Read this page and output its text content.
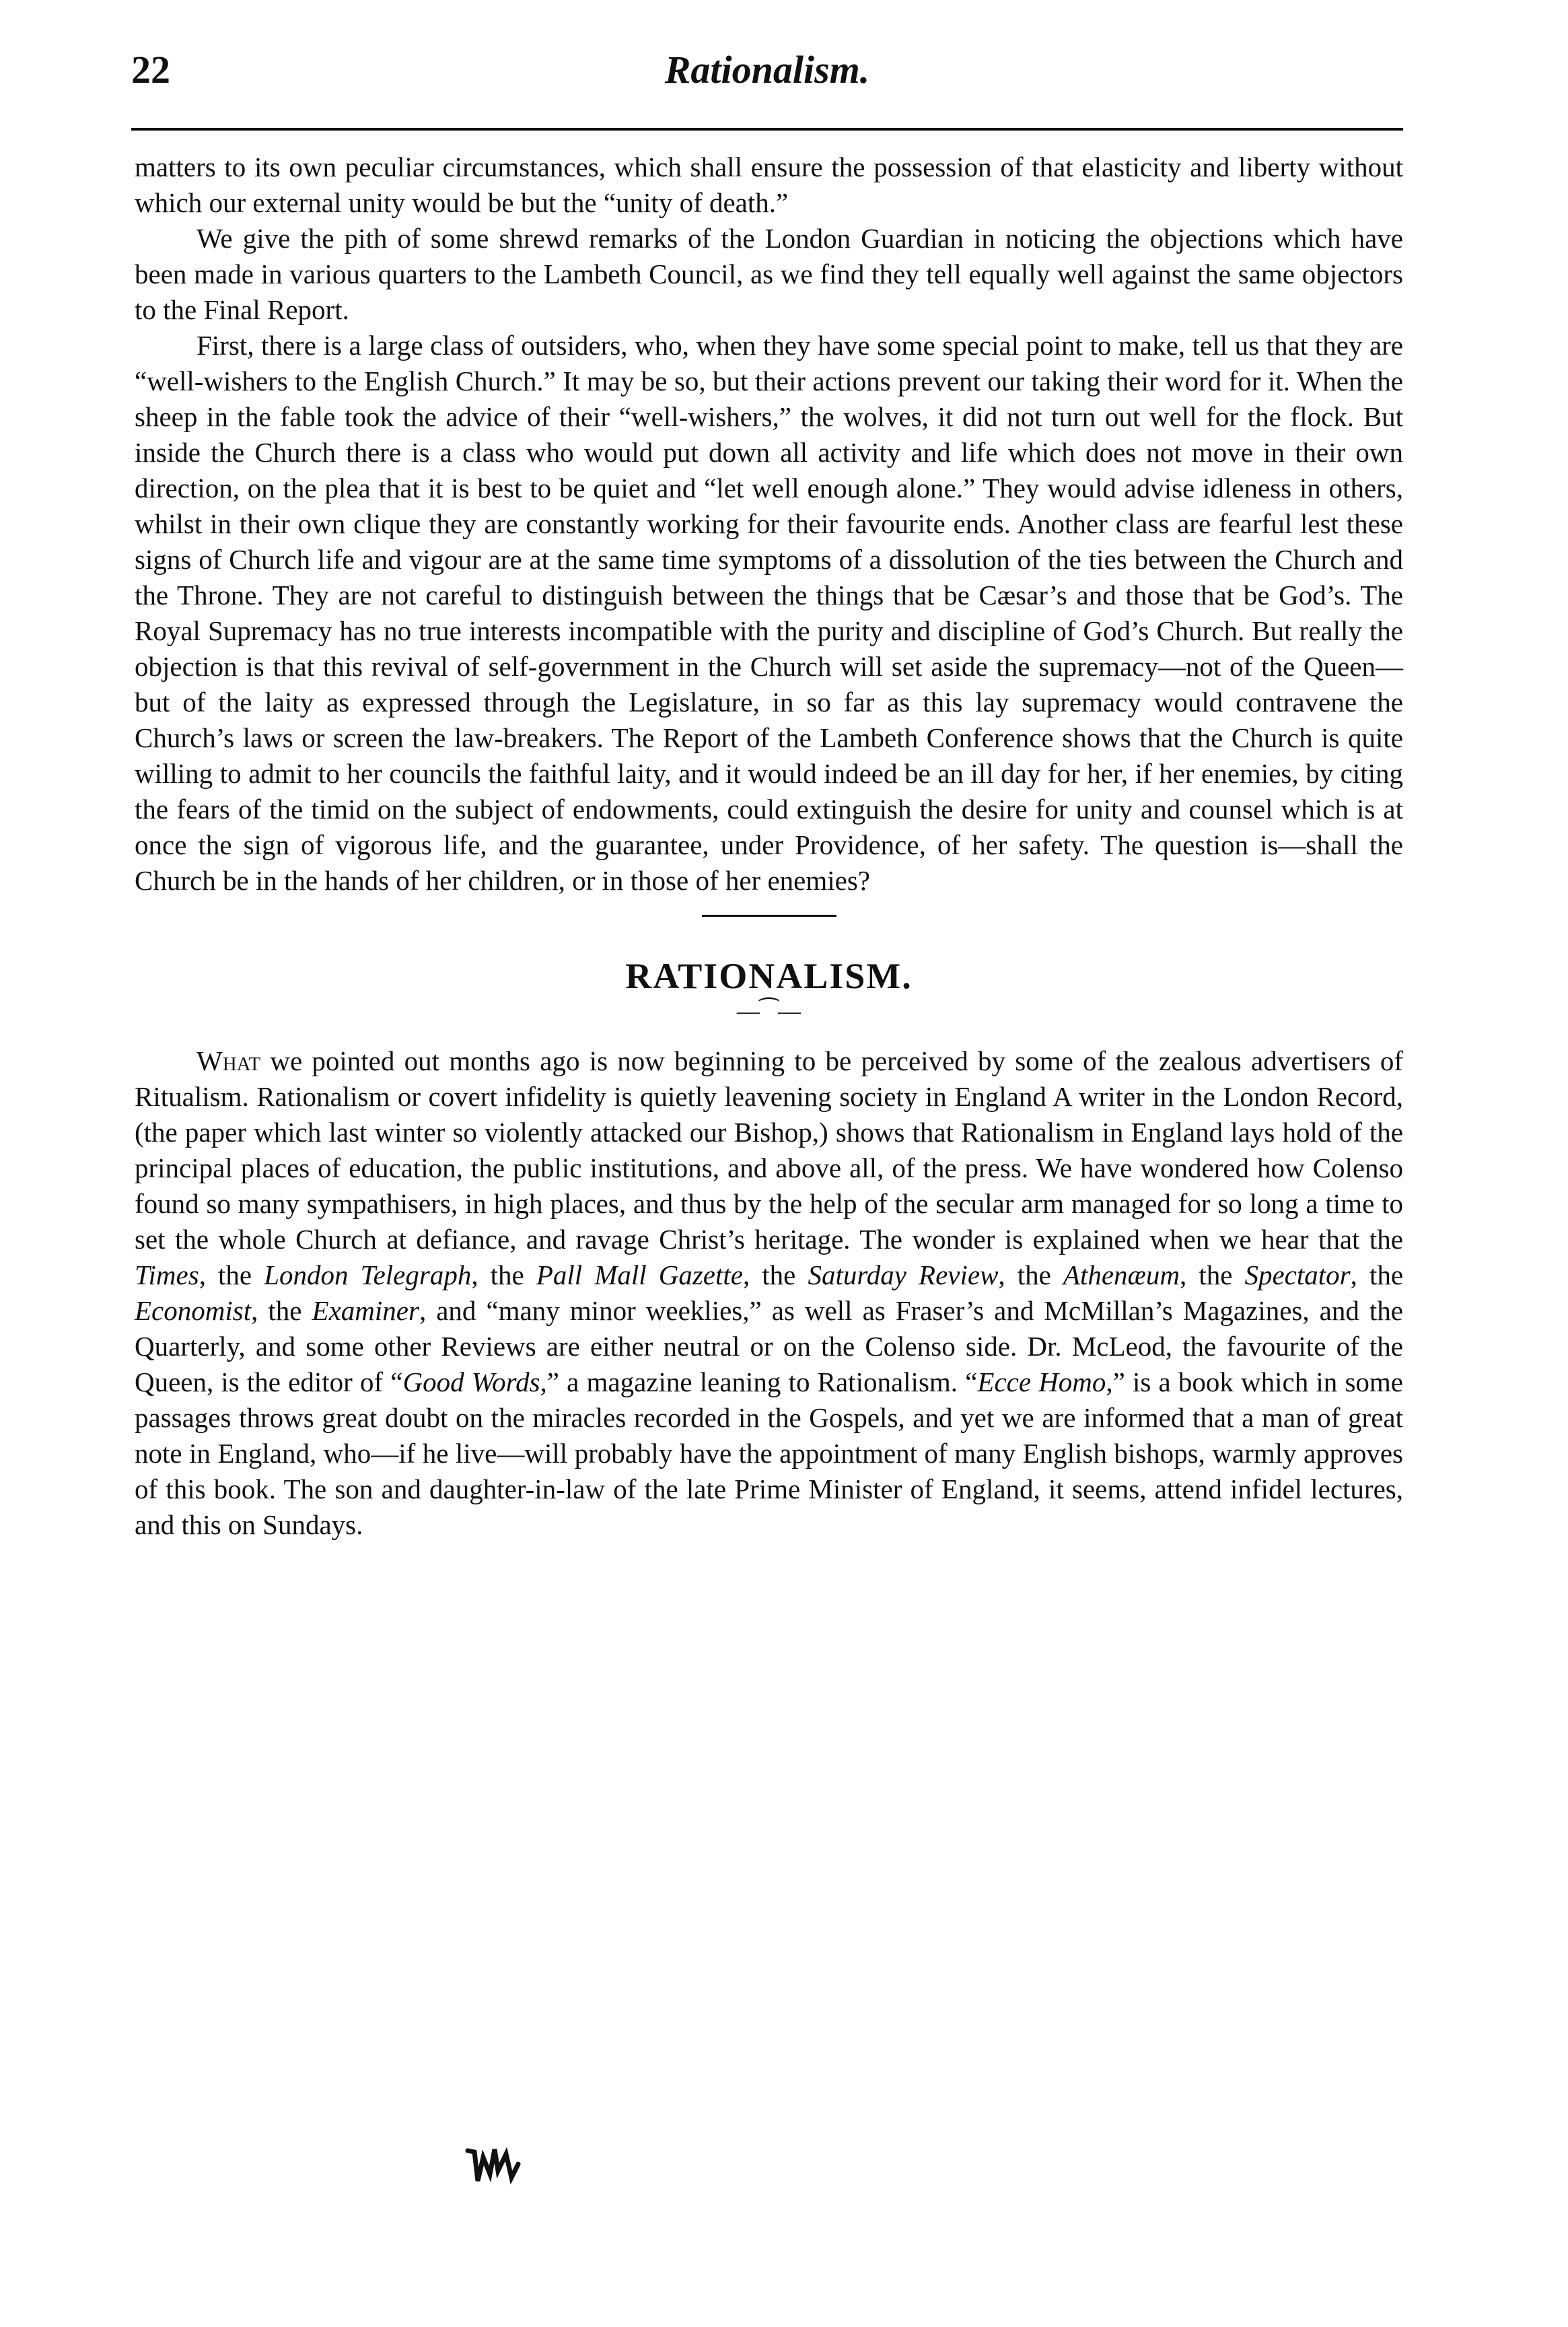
22	Rationalism.

matters to its own peculiar circumstances, which shall ensure the possession of that elasticity and liberty without which our external unity would be but the “unity of death.”

We give the pith of some shrewd remarks of the London Guardian in noticing the objections which have been made in various quarters to the Lambeth Council, as we find they tell equally well against the same objectors to the Final Report.

First, there is a large class of outsiders, who, when they have some special point to make, tell us that they are “well-wishers to the English Church.” It may be so, but their actions prevent our taking their word for it. When the sheep in the fable took the advice of their “well-wishers,” the wolves, it did not turn out well for the flock. But inside the Church there is a class who would put down all activity and life which does not move in their own direction, on the plea that it is best to be quiet and “let well enough alone.” They would advise idleness in others, whilst in their own clique they are constantly working for their favourite ends. Another class are fearful lest these signs of Church life and vigour are at the same time symptoms of a dissolution of the ties between the Church and the Throne. They are not careful to distinguish between the things that be Cæsar’s and those that be God’s. The Royal Supremacy has no true interests incompatible with the purity and discipline of God’s Church. But really the objection is that this revival of self-government in the Church will set aside the supremacy—not of the Queen—but of the laity as expressed through the Legislature, in so far as this lay supremacy would contravene the Church’s laws or screen the law-breakers. The Report of the Lambeth Conference shows that the Church is quite willing to admit to her councils the faithful laity, and it would indeed be an ill day for her, if her enemies, by citing the fears of the timid on the subject of endowments, could extinguish the desire for unity and counsel which is at once the sign of vigorous life, and the guarantee, under Providence, of her safety. The question is—shall the Church be in the hands of her children, or in those of her enemies?

RATIONALISM.
—⁀—

What we pointed out months ago is now beginning to be perceived by some of the zealous advertisers of Ritualism. Rationalism or covert infidelity is quietly leavening society in England A writer in the London Record, (the paper which last winter so violently attacked our Bishop,) shows that Rationalism in England lays hold of the principal places of education, the public institutions, and above all, of the press. We have wondered how Colenso found so many sympathisers, in high places, and thus by the help of the secular arm managed for so long a time to set the whole Church at defiance, and ravage Christ’s heritage. The wonder is explained when we hear that the Times, the London Telegraph, the Pall Mall Gazette, the Saturday Review, the Athenæum, the Spectator, the Economist, the Examiner, and “many minor weeklies,” as well as Fraser’s and McMillan’s Magazines, and the Quarterly, and some other Reviews are either neutral or on the Colenso side. Dr. McLeod, the favourite of the Queen, is the editor of “Good Words,” a magazine leaning to Rationalism. “Ecce Homo,” is a book which in some passages throws great doubt on the miracles recorded in the Gospels, and yet we are informed that a man of great note in England, who—if he live—will probably have the appointment of many English bishops, warmly approves of this book. The son and daughter-in-law of the late Prime Minister of England, it seems, attend infidel lectures, and this on Sundays.
